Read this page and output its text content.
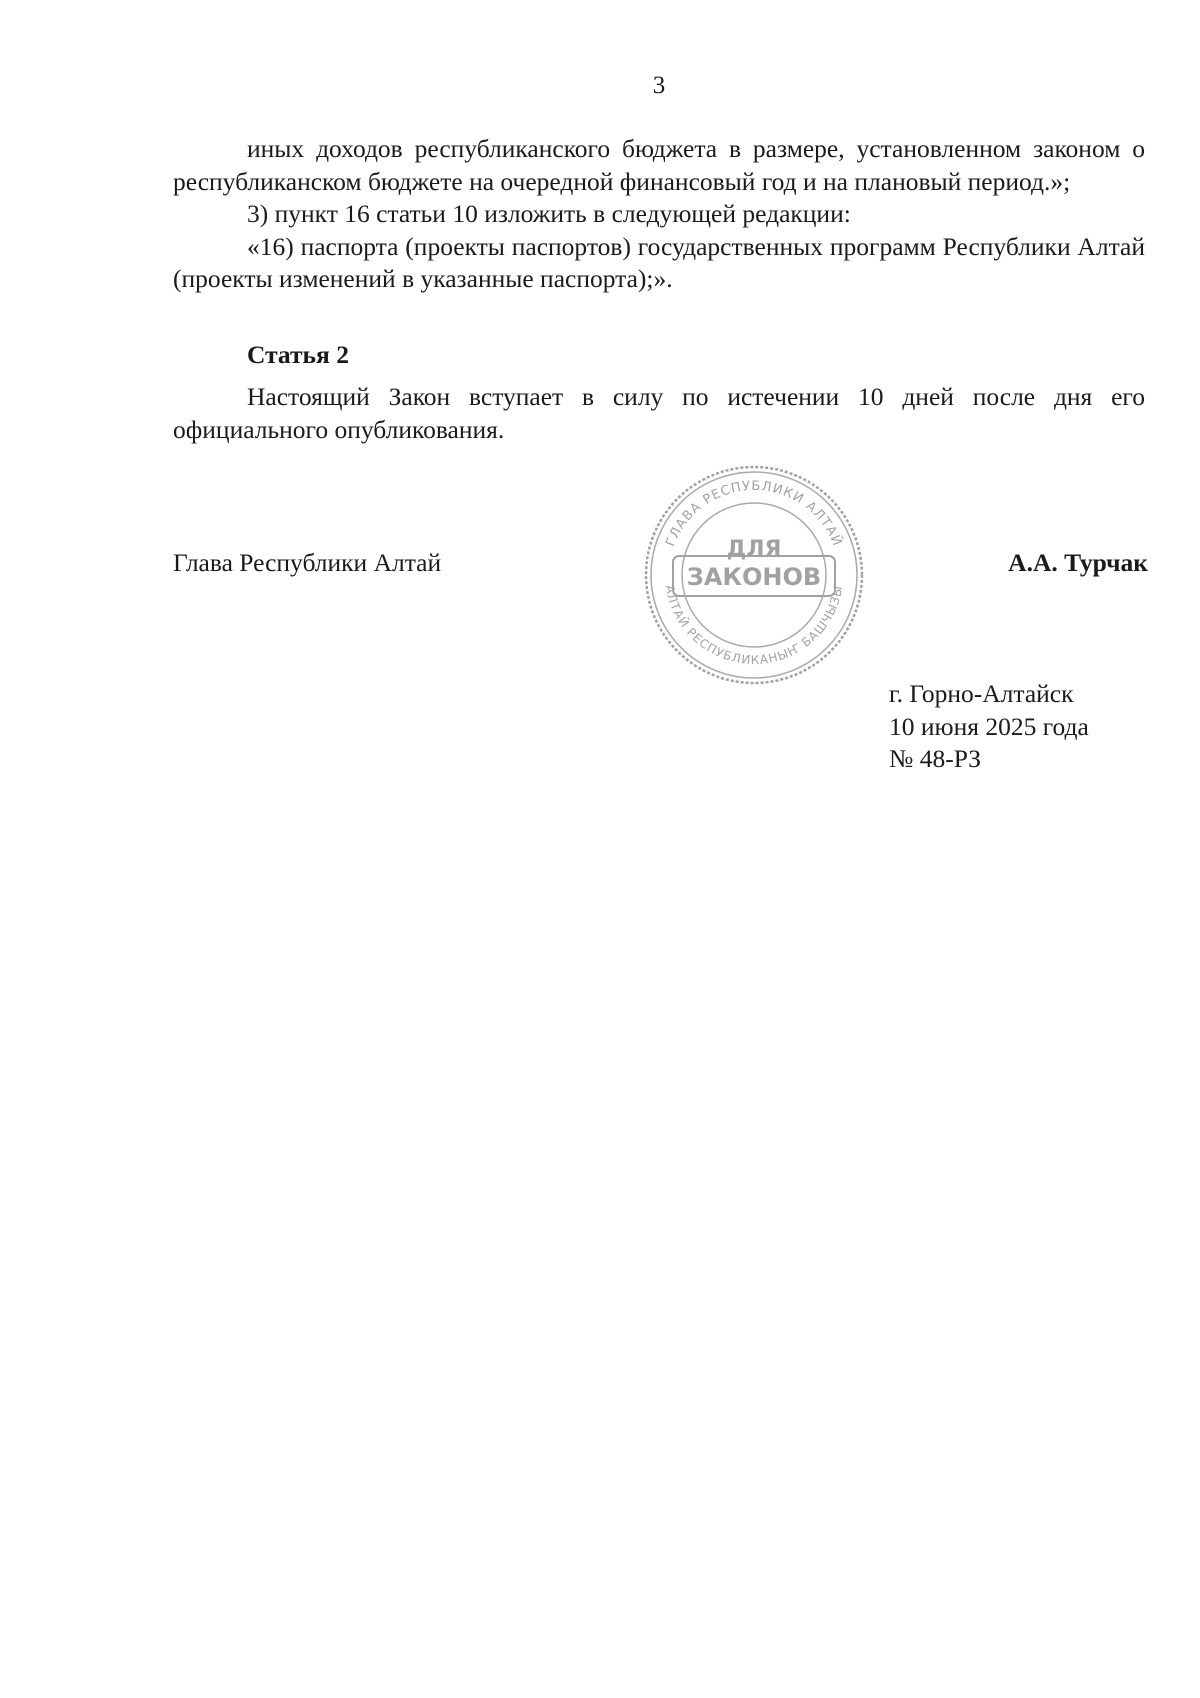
3

иных доходов республиканского бюджета в размере, установленном законом о республиканском бюджете на очередной финансовый год и на плановый период.»;

3) пункт 16 статьи 10 изложить в следующей редакции:

«16) паспорта (проекты паспортов) государственных программ Республики Алтай (проекты изменений в указанные паспорта);».

Статья 2

Настоящий Закон вступает в силу по истечении 10 дней после дня его официального опубликования.

ГЛАВА РЕСПУБЛИКИ АЛТАЙ
АЛТАЙ РЕСПУБЛИКАНЫҤ БАШЧЫЗЫ
ДЛЯ
ЗАКОНОВ
Глава Республики Алтай	А.А. Турчак
г. Горно-Алтайск
10 июня 2025 года
№ 48-РЗ
